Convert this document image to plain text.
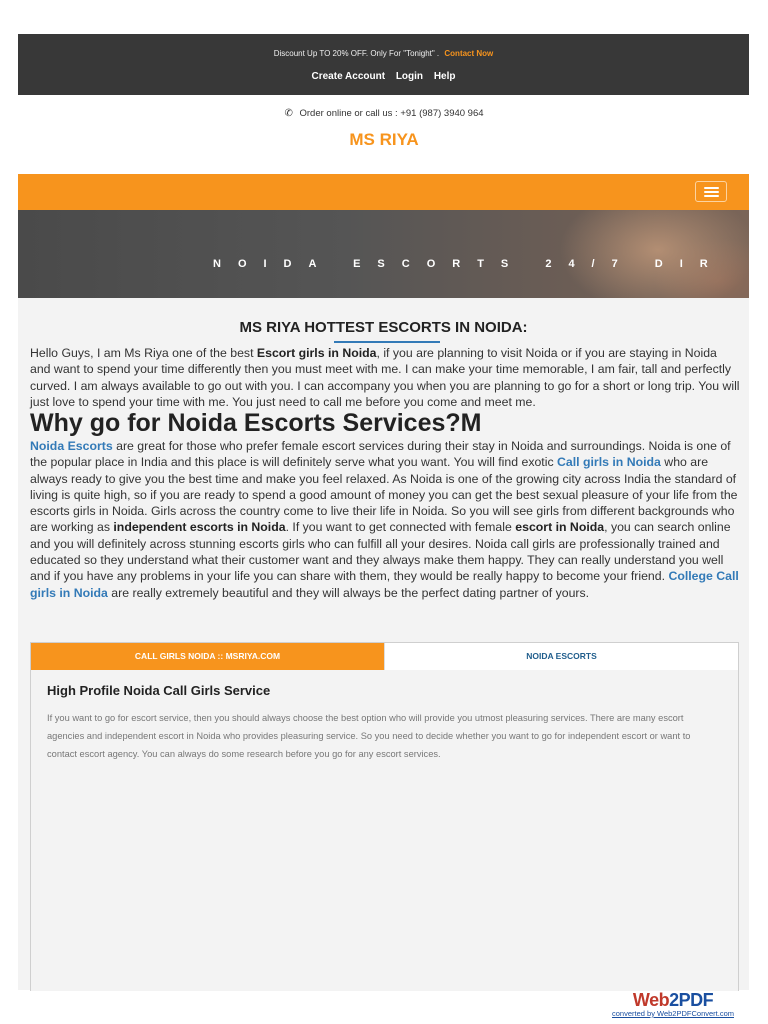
Discount Up TO 20% OFF. Only For "Tonight" . Contact Now
Create Account Login Help
✆ Order online or call us : +91 (987) 3940 964
MS RIYA
NOIDA ESCORTS 24/7 DIR
MS RIYA HOTTEST ESCORTS IN NOIDA:
Hello Guys, I am Ms Riya one of the best Escort girls in Noida, if you are planning to visit Noida or if you are staying in Noida and want to spend your time differently then you must meet with me. I can make your time memorable, I am fair, tall and perfectly curved. I am always available to go out with you. I can accompany you when you are planning to go for a short or long trip. You will just love to spend your time with me. You just need to call me before you come and meet me.
Why go for Noida Escorts Services?M
Noida Escorts are great for those who prefer female escort services during their stay in Noida and surroundings. Noida is one of the popular place in India and this place is will definitely serve what you want. You will find exotic Call girls in Noida who are always ready to give you the best time and make you feel relaxed. As Noida is one of the growing city across India the standard of living is quite high, so if you are ready to spend a good amount of money you can get the best sexual pleasure of your life from the escorts girls in Noida. Girls across the country come to live their life in Noida. So you will see girls from different backgrounds who are working as independent escorts in Noida. If you want to get connected with female escort in Noida, you can search online and you will definitely across stunning escorts girls who can fulfill all your desires. Noida call girls are professionally trained and educated so they understand what their customer want and they always make them happy. They can really understand you well and if you have any problems in your life you can share with them, they would be really happy to become your friend. College Call girls in Noida are really extremely beautiful and they will always be the perfect dating partner of yours.
CALL GIRLS NOIDA :: MSRIYA.COM	NOIDA ESCORTS
High Profile Noida Call Girls Service
If you want to go for escort service, then you should always choose the best option who will provide you utmost pleasuring services. There are many escort agencies and independent escort in Noida who provides pleasuring service. So you need to decide whether you want to go for independent escort or want to contact escort agency. You can always do some research before you go for any escort services.
Web2PDF
converted by Web2PDFConvert.com
